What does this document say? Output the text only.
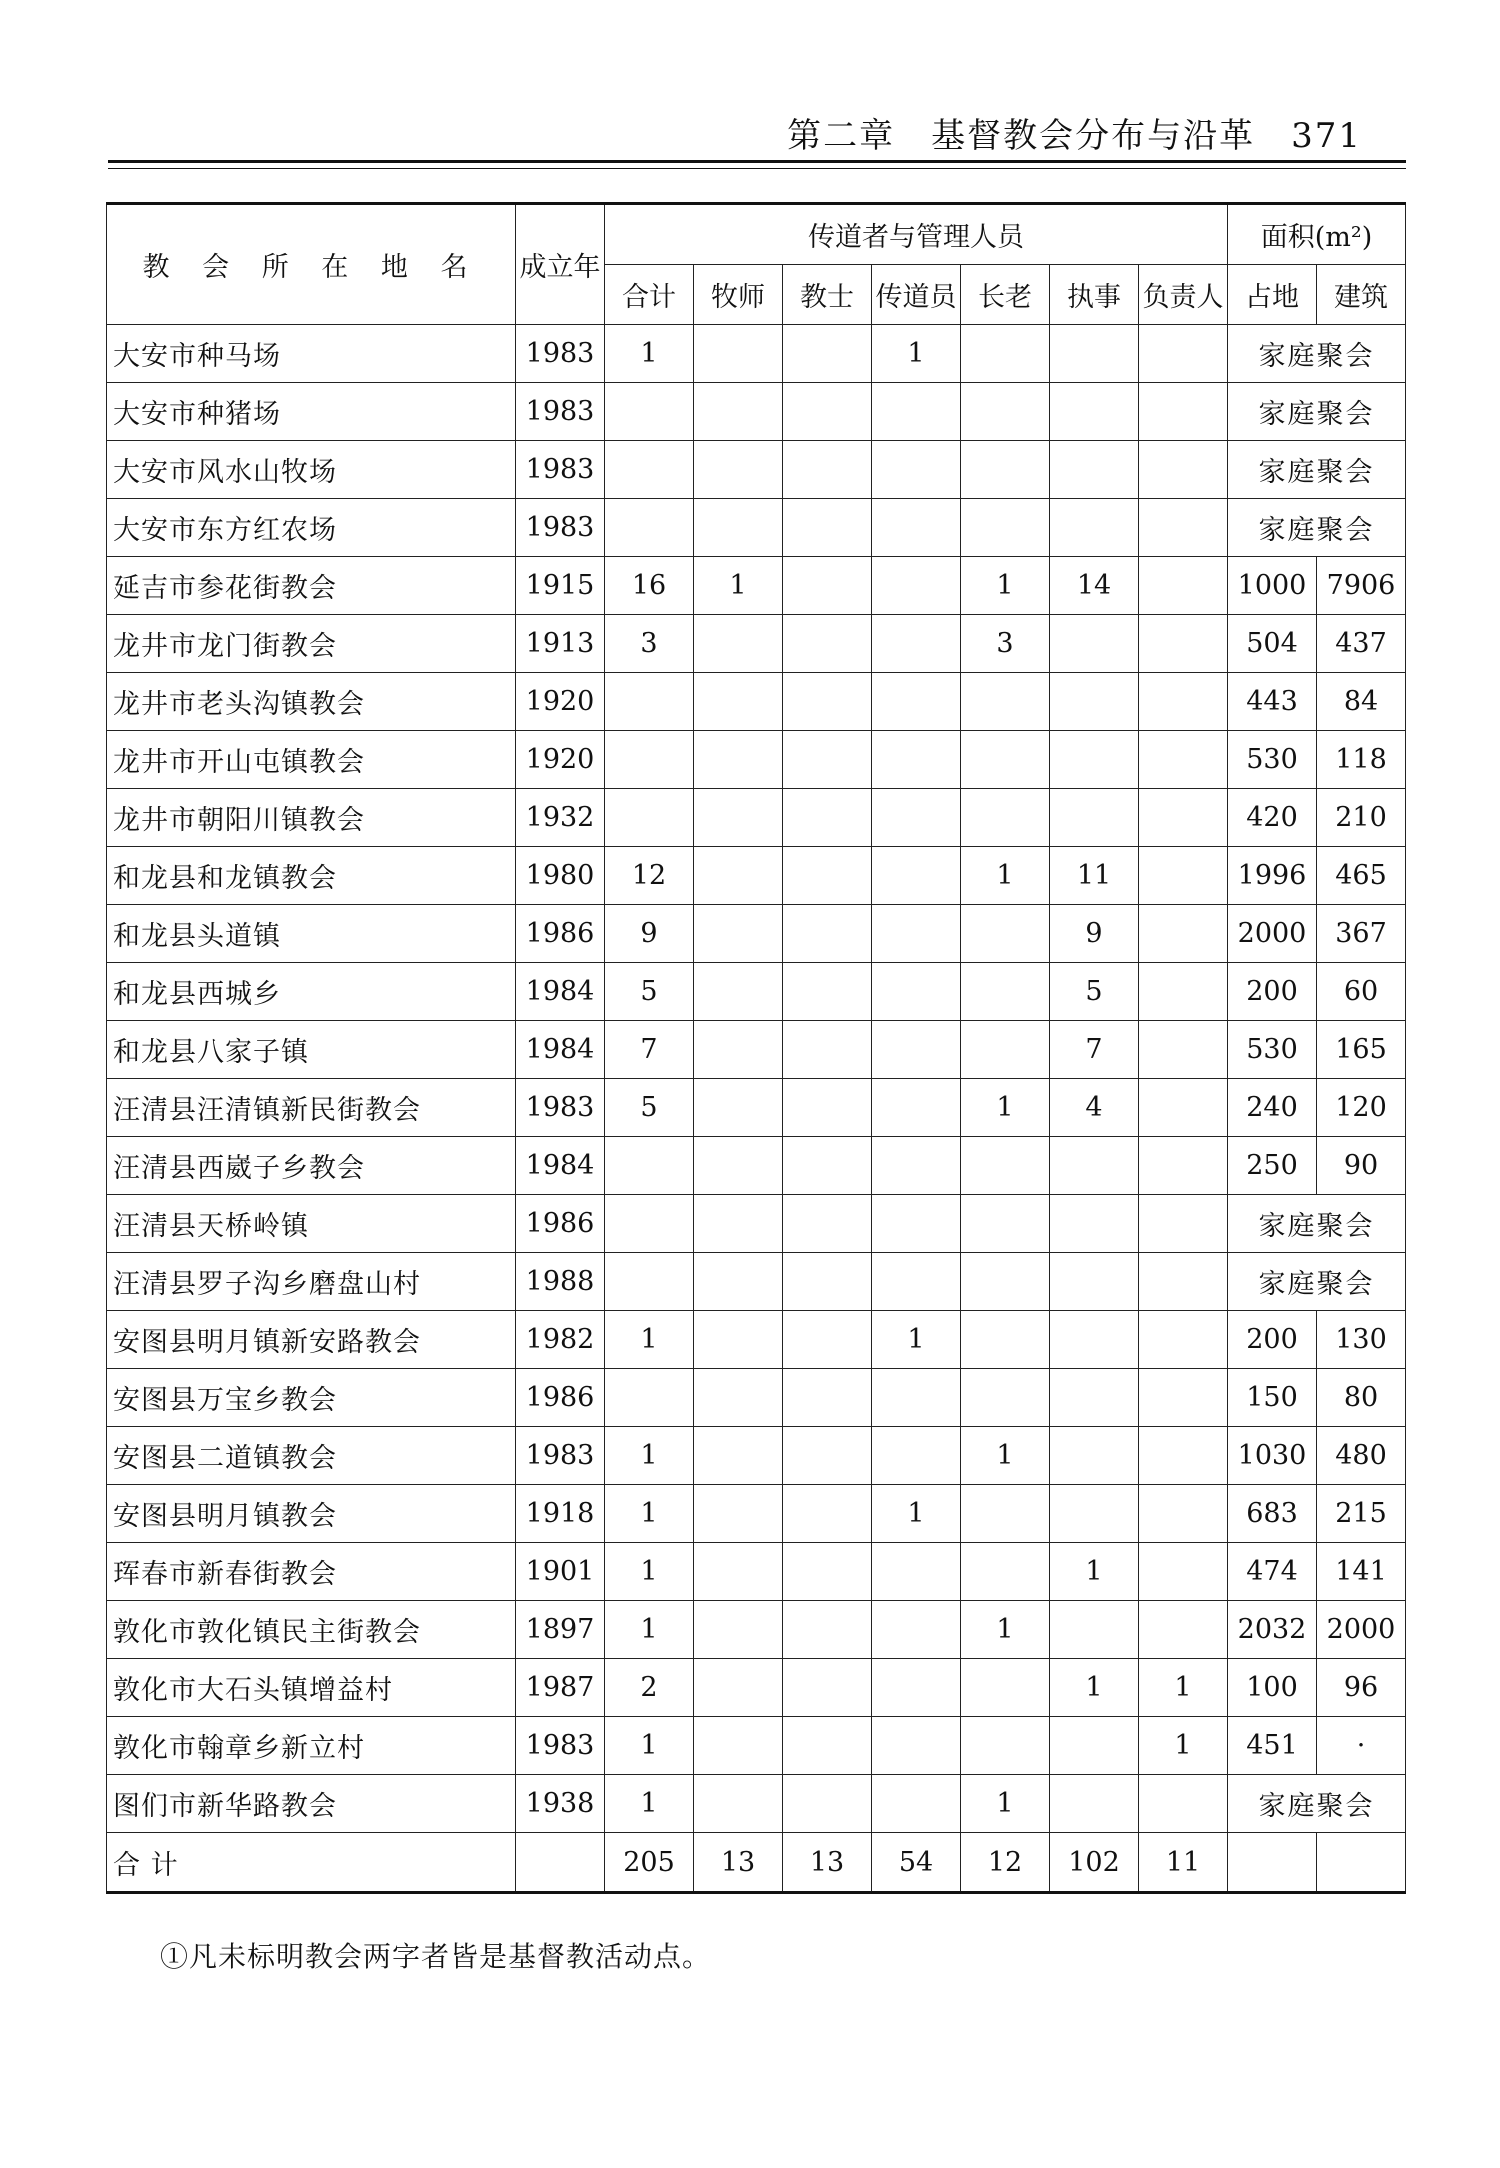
第二章 基督教会分布与沿革 371
教 会 所 在 地 名	成立年	传道者与管理人员							面积(m²)	
		合计	牧师	教士	传道员	长老	执事	负责人	占地	建筑
大安市种马场	1983	1			1				家庭聚会	
大安市种猪场	1983								家庭聚会	
大安市风水山牧场	1983								家庭聚会	
大安市东方红农场	1983								家庭聚会	
延吉市参花街教会	1915	16	1			1	14		1000	7906
龙井市龙门街教会	1913	3				3			504	437
龙井市老头沟镇教会	1920								443	84
龙井市开山屯镇教会	1920								530	118
龙井市朝阳川镇教会	1932								420	210
和龙县和龙镇教会	1980	12				1	11		1996	465
和龙县头道镇	1986	9					9		2000	367
和龙县西城乡	1984	5					5		200	60
和龙县八家子镇	1984	7					7		530	165
汪清县汪清镇新民街教会	1983	5				1	4		240	120
汪清县西崴子乡教会	1984								250	90
汪清县天桥岭镇	1986								家庭聚会	
汪清县罗子沟乡磨盘山村	1988								家庭聚会	
安图县明月镇新安路教会	1982	1			1				200	130
安图县万宝乡教会	1986								150	80
安图县二道镇教会	1983	1				1			1030	480
安图县明月镇教会	1918	1			1				683	215
珲春市新春街教会	1901	1					1		474	141
敦化市敦化镇民主街教会	1897	1				1			2032	2000
敦化市大石头镇增益村	1987	2					1	1	100	96
敦化市翰章乡新立村	1983	1						1	451	·
图们市新华路教会	1938	1				1			家庭聚会	
合 计		205	13	13	54	12	102	11		
①凡未标明教会两字者皆是基督教活动点。
